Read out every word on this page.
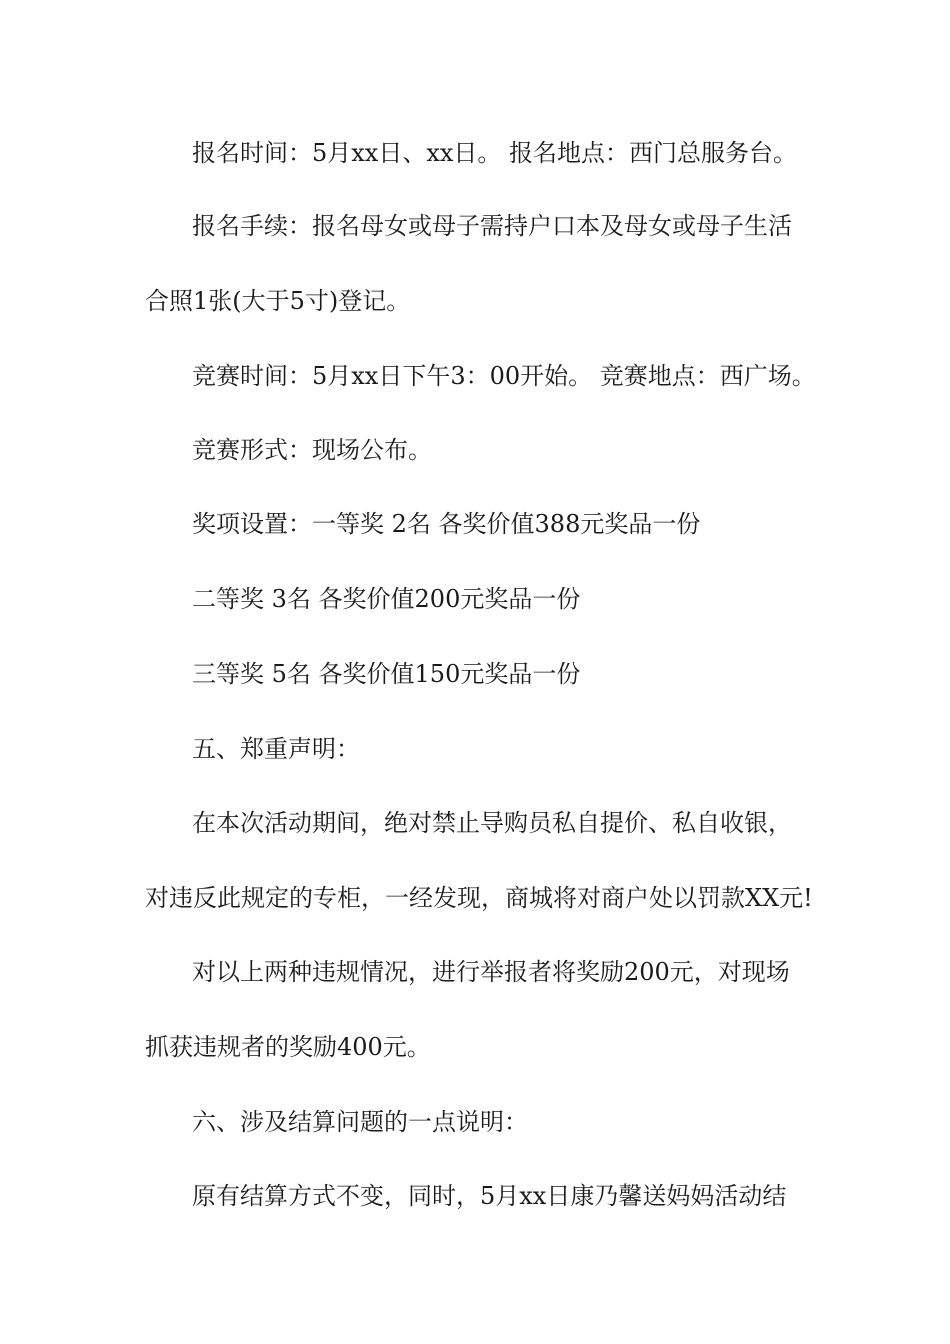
报名时间：5月xx日、xx日。 报名地点：西门总服务台。
报名手续：报名母女或母子需持户口本及母女或母子生活
合照1张(大于5寸)登记。
竞赛时间：5月xx日下午3：00开始。 竞赛地点：西广场。
竞赛形式：现场公布。
奖项设置：一等奖 2名 各奖价值388元奖品一份
二等奖 3名 各奖价值200元奖品一份
三等奖 5名 各奖价值150元奖品一份
五、郑重声明：
在本次活动期间，绝对禁止导购员私自提价、私自收银，
对违反此规定的专柜，一经发现，商城将对商户处以罚款XX元!
对以上两种违规情况，进行举报者将奖励200元，对现场
抓获违规者的奖励400元。
六、涉及结算问题的一点说明：
原有结算方式不变，同时，5月xx日康乃馨送妈妈活动结
